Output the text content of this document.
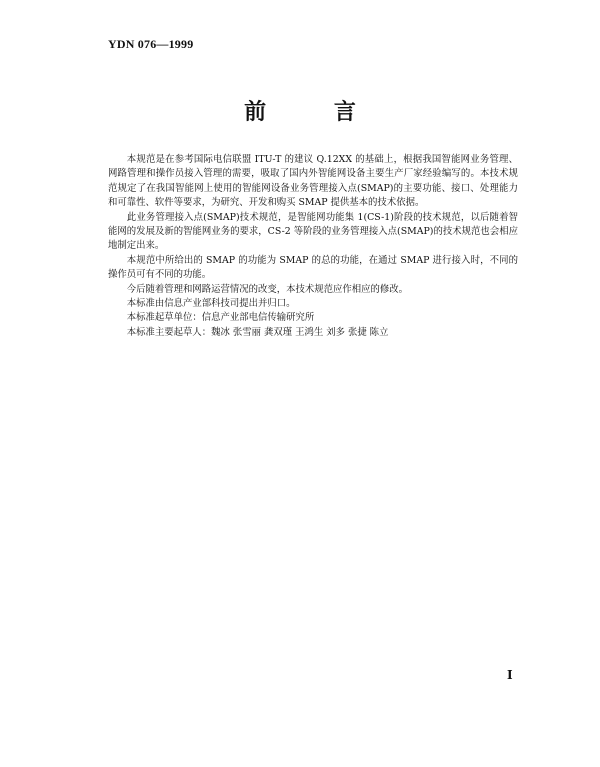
YDN 076—1999
前 言

本规范是在参考国际电信联盟 ITU-T 的建议 Q.12XX 的基础上，根据我国智能网业务管理、网路管理和操作员接入管理的需要，吸取了国内外智能网设备主要生产厂家经验编写的。本技术规范规定了在我国智能网上使用的智能网设备业务管理接入点(SMAP)的主要功能、接口、处理能力和可靠性、软件等要求，为研究、开发和购买 SMAP 提供基本的技术依据。

此业务管理接入点(SMAP)技术规范，是智能网功能集 1(CS-1)阶段的技术规范，以后随着智能网的发展及新的智能网业务的要求，CS-2 等阶段的业务管理接入点(SMAP)的技术规范也会相应地制定出来。

本规范中所给出的 SMAP 的功能为 SMAP 的总的功能，在通过 SMAP 进行接入时，不同的操作员可有不同的功能。

今后随着管理和网路运营情况的改变，本技术规范应作相应的修改。

本标准由信息产业部科技司提出并归口。

本标准起草单位：信息产业部电信传输研究所

本标准主要起草人：魏冰 张雪丽 龚双瑾 王鸿生 刘多 张捷 陈立

Ⅰ
